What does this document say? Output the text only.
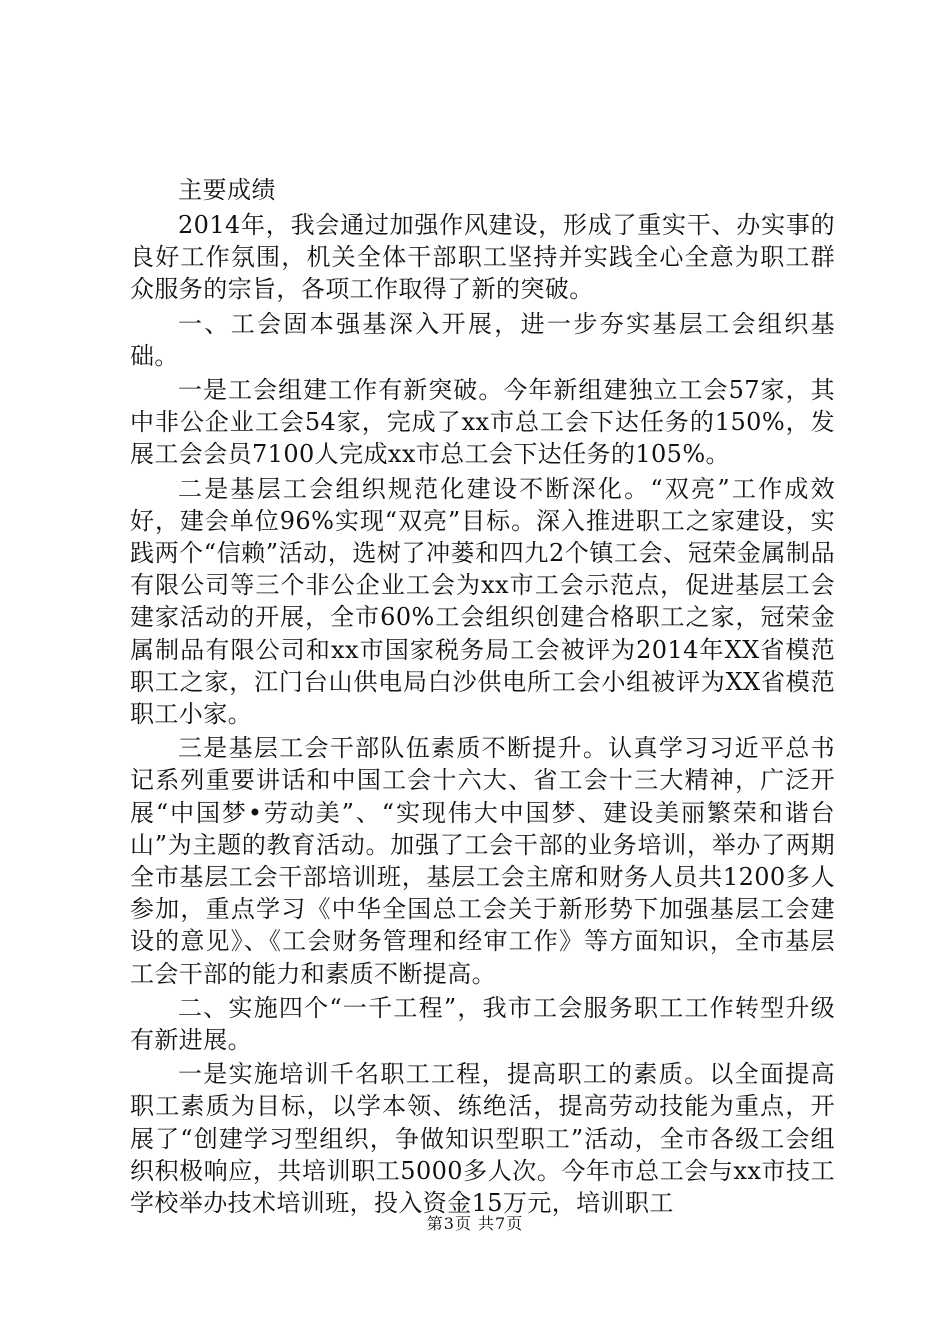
主要成绩

2014年，我会通过加强作风建设，形成了重实干、办实事的良好工作氛围，机关全体干部职工坚持并实践全心全意为职工群众服务的宗旨，各项工作取得了新的突破。

一、工会固本强基深入开展，进一步夯实基层工会组织基础。

一是工会组建工作有新突破。今年新组建独立工会57家，其中非公企业工会54家，完成了xx市总工会下达任务的150%，发展工会会员7100人完成xx市总工会下达任务的105%。

二是基层工会组织规范化建设不断深化。“双亮”工作成效好，建会单位96%实现“双亮”目标。深入推进职工之家建设，实践两个“信赖”活动，选树了冲蒌和四九2个镇工会、冠荣金属制品有限公司等三个非公企业工会为xx市工会示范点，促进基层工会建家活动的开展，全市60%工会组织创建合格职工之家，冠荣金属制品有限公司和xx市国家税务局工会被评为2014年XX省模范职工之家，江门台山供电局白沙供电所工会小组被评为XX省模范职工小家。

三是基层工会干部队伍素质不断提升。认真学习习近平总书记系列重要讲话和中国工会十六大、省工会十三大精神，广泛开展“中国梦•劳动美”、“实现伟大中国梦、建设美丽繁荣和谐台山”为主题的教育活动。加强了工会干部的业务培训，举办了两期全市基层工会干部培训班，基层工会主席和财务人员共1200多人参加，重点学习《中华全国总工会关于新形势下加强基层工会建设的意见》、《工会财务管理和经审工作》等方面知识，全市基层工会干部的能力和素质不断提高。

二、实施四个“一千工程”，我市工会服务职工工作转型升级有新进展。

一是实施培训千名职工工程，提高职工的素质。以全面提高职工素质为目标，以学本领、练绝活，提高劳动技能为重点，开展了“创建学习型组织，争做知识型职工”活动，全市各级工会组织积极响应，共培训职工5000多人次。今年市总工会与xx市技工学校举办技术培训班，投入资金15万元，培训职工

第3页 共7页
